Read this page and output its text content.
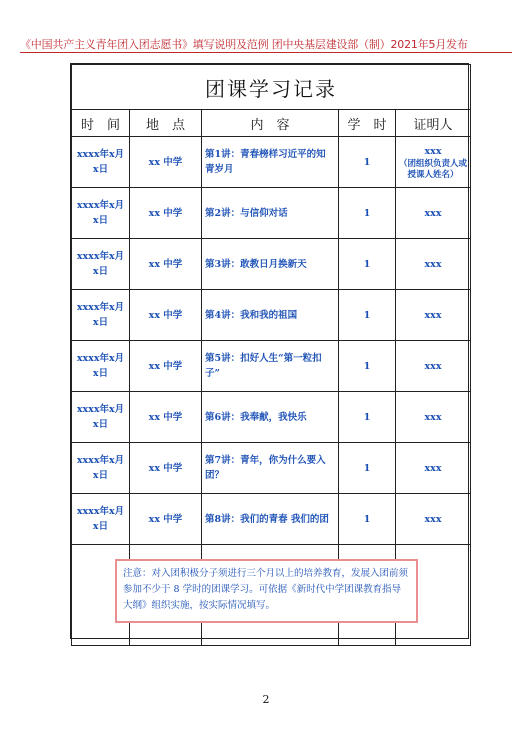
《中国共产主义青年团入团志愿书》填写说明及范例 团中央基层建设部（制）2021年5月发布
团课学习记录				
时　间	地　点	内　容	学　时	证明人
xxxx年x月x日	xx 中学	第1讲：青春榜样习近平的知青岁月	1	xxx
（团组织负责人或授课人姓名）

xxxx年x月x日	xx 中学	第2讲：与信仰对话	1	xxx
xxxx年x月x日	xx 中学	第3讲：敢教日月换新天	1	xxx
xxxx年x月x日	xx 中学	第4讲：我和我的祖国	1	xxx
xxxx年x月x日	xx 中学	第5讲：扣好人生“第一粒扣子”	1	xxx
xxxx年x月x日	xx 中学	第6讲：我奉献，我快乐	1	xxx
xxxx年x月x日	xx 中学	第7讲：青年，你为什么要入团？	1	xxx
xxxx年x月x日	xx 中学	第8讲：我们的青春 我们的团	1	xxx

注意：对入团积极分子须进行三个月以上的培养教育，发展入团前须参加不少于 8 学时的团课学习。可依据《新时代中学团课教育指导大纲》组织实施，按实际情况填写。
2
